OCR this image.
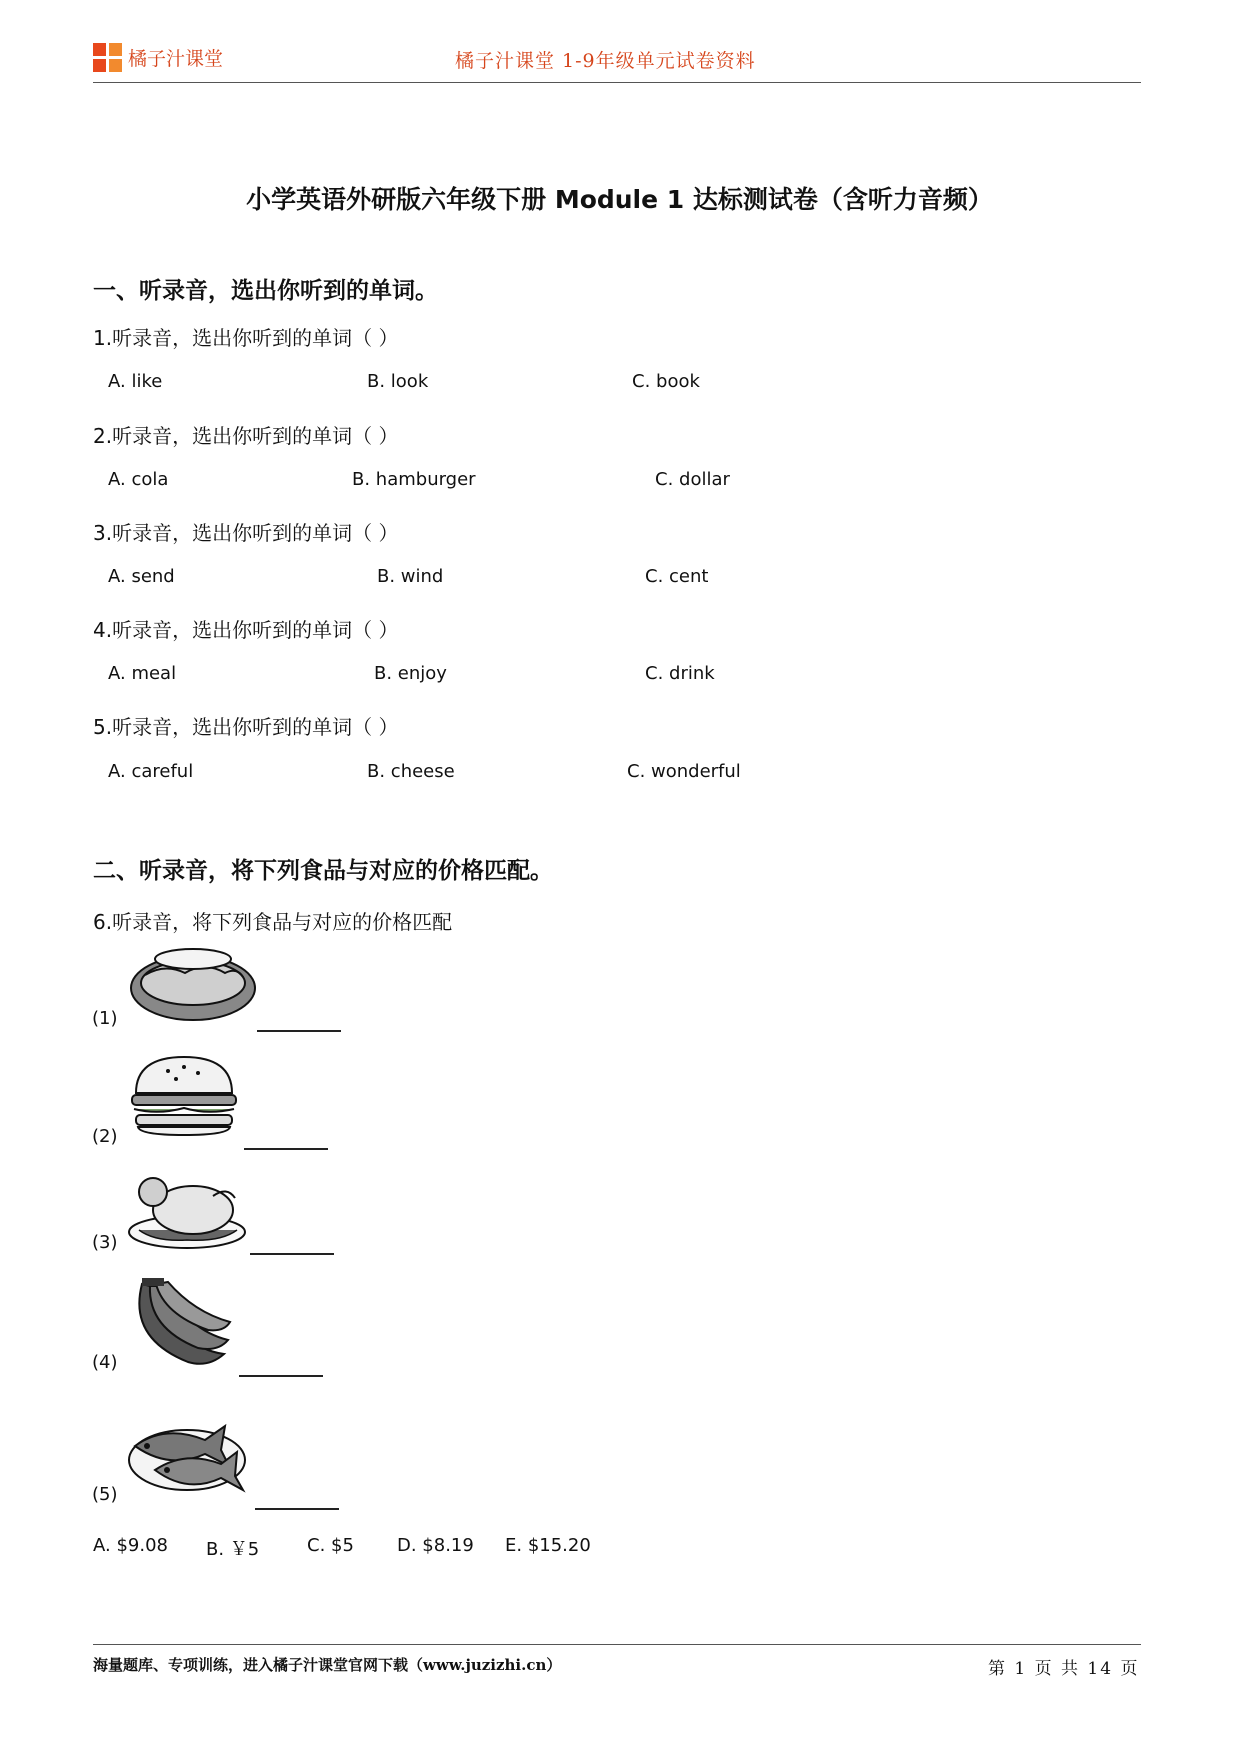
橘子汁课堂	橘子汁课堂 1-9年级单元试卷资料
小学英语外研版六年级下册 Module 1 达标测试卷（含听力音频）
一、听录音，选出你听到的单词。
1.听录音，选出你听到的单词（ ）
A. like	B. look	C. book
2.听录音，选出你听到的单词（ ）
A. cola	B. hamburger	C. dollar
3.听录音，选出你听到的单词（ ）
A. send	B. wind	C. cent
4.听录音，选出你听到的单词（ ）
A. meal	B. enjoy	C. drink
5.听录音，选出你听到的单词（ ）
A. careful	B. cheese	C. wonderful
二、听录音，将下列食品与对应的价格匹配。
6.听录音，将下列食品与对应的价格匹配
(1)
(2)
(3)
(4)
(5)
A. $9.08 B. ￥5	C. $5 D. $8.19 E. $15.20
海量题库、专项训练，进入橘子汁课堂官网下载（www.juzizhi.cn）	第 1 页 共 14 页
